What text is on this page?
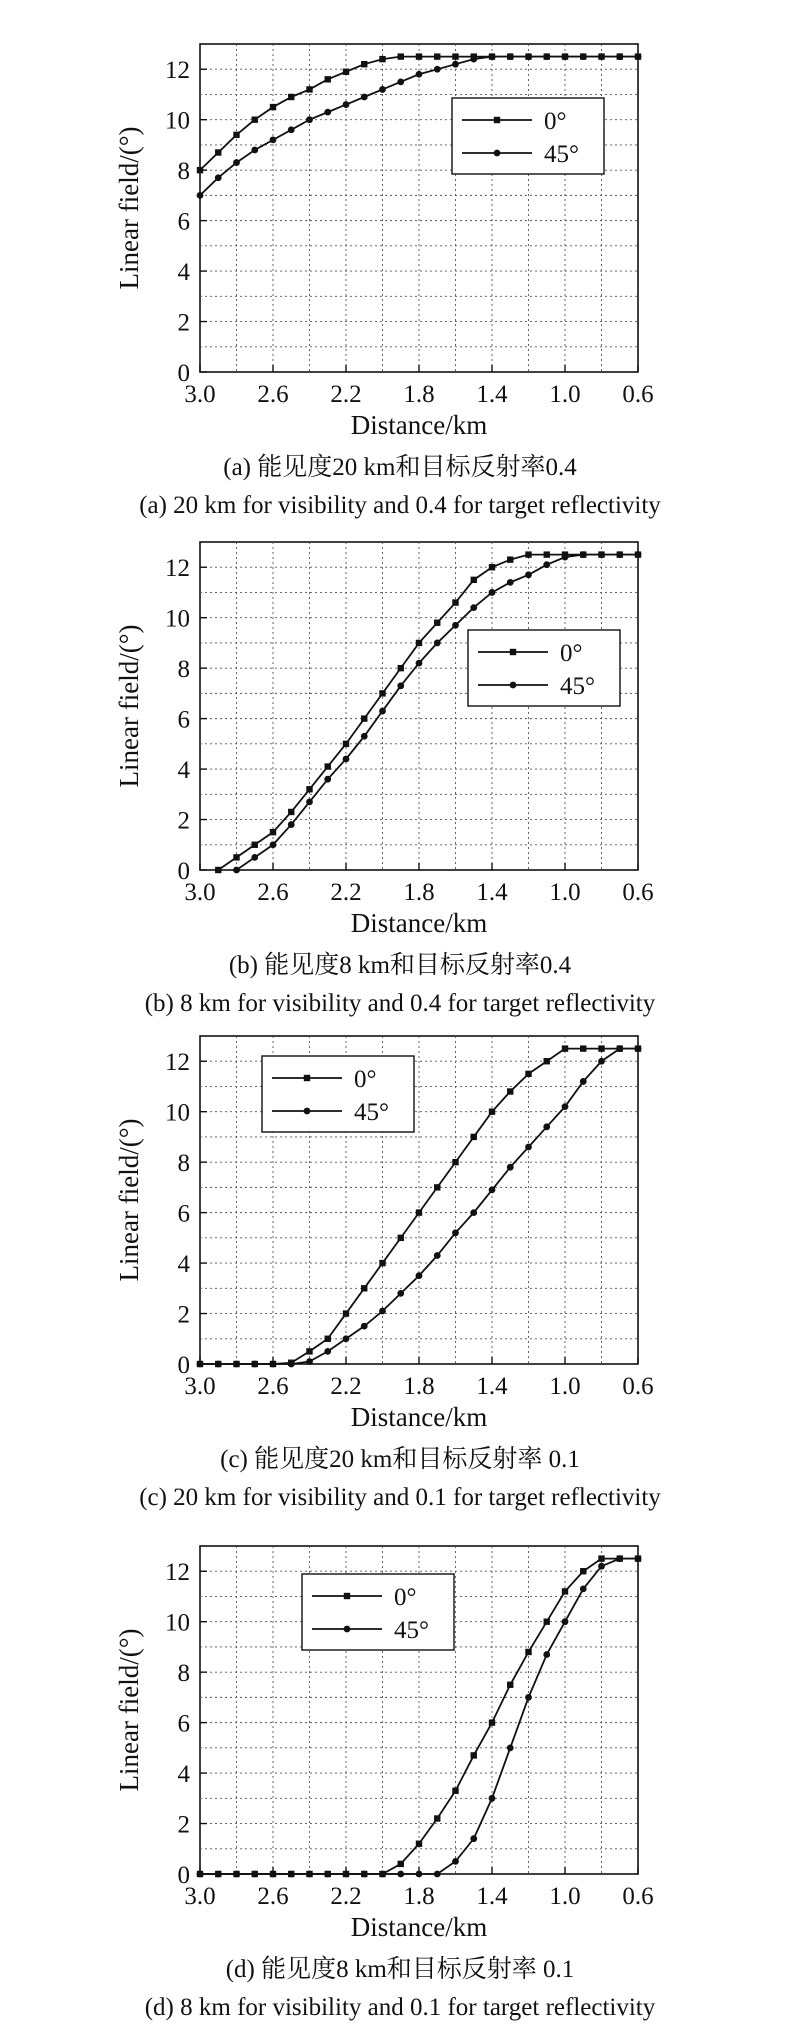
3.0 2.6 2.2 1.8 1.4 1.0 0.6
0
2
4
6
8
10
12
Distance/km
Linear field/(°)
0°
45°
(a) 能见度20 km和目标反射率0.4
(a) 20 km for visibility and 0.4 for target reflectivity
3.0 2.6 2.2 1.8 1.4 1.0 0.6
0
2
4
6
8
10
12
Distance/km
Linear field/(°)	0°
45°
(b) 能见度8 km和目标反射率0.4
(b) 8 km for visibility and 0.4 for target reflectivity
3.0 2.6 2.2 1.8 1.4 1.0 0.6
0
2
4
6
8
10
12
Distance/km
Linear field/(°)
0°
45°
(c) 能见度20 km和目标反射率 0.1
(c) 20 km for visibility and 0.1 for target reflectivity
3.0 2.6 2.2 1.8 1.4 1.0 0.6
0
2
4
6
8
10
12
Distance/km
Linear field/(°)
0°
45°
(d) 能见度8 km和目标反射率 0.1
(d) 8 km for visibility and 0.1 for target reflectivity
